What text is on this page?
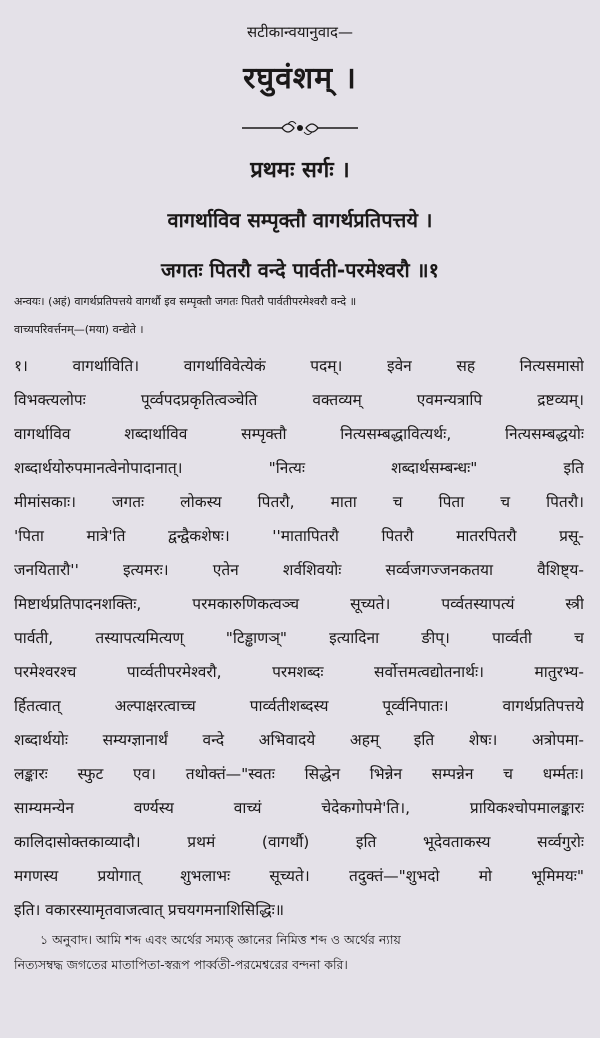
सटीकान्वयानुवाद—
रघुवंशम् ।
प्रथमः सर्गः ।
वागर्थाविव सम्पृक्तौ वागर्थप्रतिपत्तये ।
जगतः पितरौ वन्दे पार्वती-परमेश्वरौ ॥१
अन्वयः। (अहं) वागर्थप्रतिपत्तये वागर्थौ इव सम्पृक्तौ जगतः पितरौ पार्वतीपरमेश्वरौ वन्दे ॥
वाच्यपरिवर्त्तनम्—(मया) वन्द्येते ।
१। वागर्थाविति। वागर्थाविवेत्येकं पदम्। इवेन सह नित्यसमासो
विभक्त्यलोपः पूर्व्वपदप्रकृतित्वञ्चेति वक्तव्यम् एवमन्यत्रापि द्रष्टव्यम्।
वागर्थाविव शब्दार्थाविव सम्पृक्तौ नित्यसम्बद्धावित्यर्थः, नित्यसम्बद्धयोः
शब्दार्थयोरुपमानत्वेनोपादानात्। "नित्यः शब्दार्थसम्बन्धः" इति
मीमांसकाः। जगतः लोकस्य पितरौ, माता च पिता च पितरौ।
'पिता मात्रे'ति द्वन्द्वैकशेषः। ''मातापितरौ पितरौ मातरपितरौ प्रसू-
जनयितारौ'' इत्यमरः। एतेन शर्वशिवयोः सर्व्वजगज्जनकतया वैशिष्ट्य-
मिष्टार्थप्रतिपादनशक्तिः, परमकारुणिकत्वञ्च सूच्यते। पर्व्वतस्यापत्यं स्त्री
पार्वती, तस्यापत्यमित्यण् "टिड्ढाणञ्" इत्यादिना ङीप्। पार्व्वती च
परमेश्वरश्च पार्व्वतीपरमेश्वरौ, परमशब्दः सर्वोत्तमत्वद्योतनार्थः। मातुरभ्य-
र्हितत्वात् अल्पाक्षरत्वाच्च पार्व्वतीशब्दस्य पूर्व्वनिपातः। वागर्थप्रतिपत्तये
शब्दार्थयोः सम्यग्ज्ञानार्थं वन्दे अभिवादये अहम् इति शेषः। अत्रोपमा-
लङ्कारः स्फुट एव। तथोक्तं—"स्वतः सिद्धेन भिन्नेन सम्पन्नेन च धर्म्मतः।
साम्यमन्येन वर्ण्यस्य वाच्यं चेदेकगोपमे'ति।, प्रायिकश्चोपमालङ्कारः
कालिदासोक्तकाव्यादौ। प्रथमं (वागर्थौ) इति भूदेवताकस्य सर्व्वगुरोः
मगणस्य प्रयोगात् शुभलाभः सूच्यते। तदुक्तं—"शुभदो मो भूमिमयः"
इति। वकारस्यामृतवाजत्वात् प्रचयगमनाशिसिद्धिः॥
১ অনুবাদ। আমি শব্দ এবং অর্থের সম্যক্ জ্ঞানের নিমিত্ত শব্দ ও অর্থের ন্যায়
নিত্যসম্বদ্ধ জগতের মাতাপিতা-স্বরূপ পার্ব্বতী-পরমেশ্বরের বন্দনা করি।
